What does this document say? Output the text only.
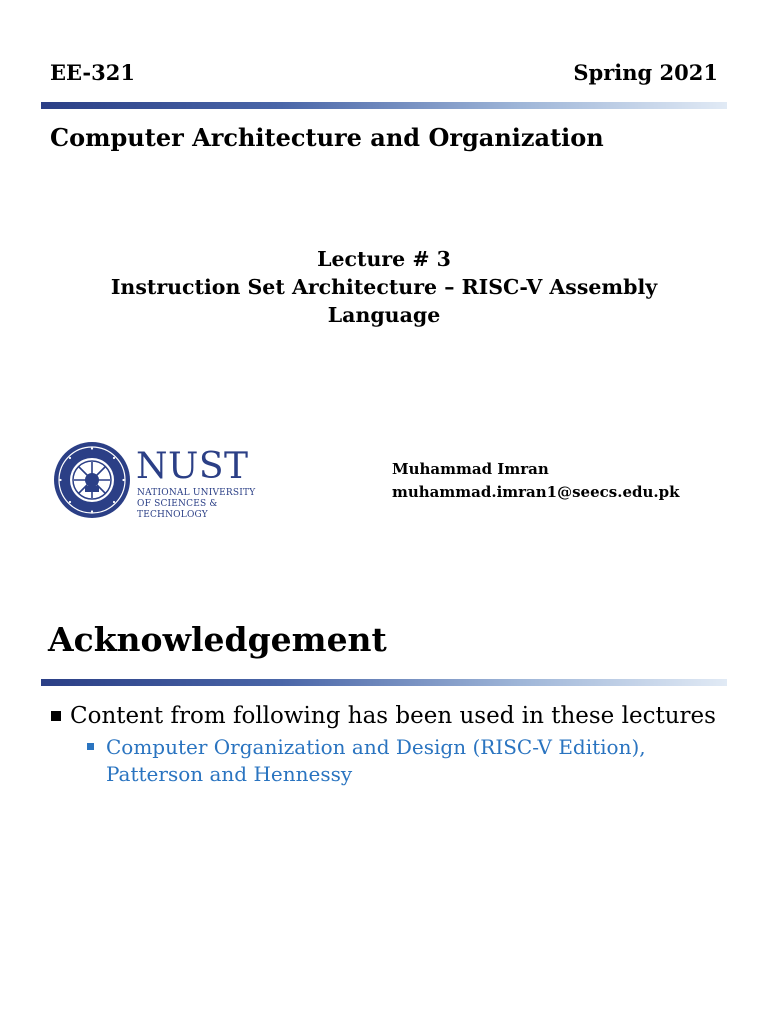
EE-321	Spring 2021
Computer Architecture and Organization
Lecture # 3
Instruction Set Architecture – RISC-V Assembly
Language
NUST
NATIONAL UNIVERSITY
OF SCIENCES & TECHNOLOGY
Muhammad Imran
muhammad.imran1@seecs.edu.pk
Acknowledgement
Content from following has been used in these lectures
Computer Organization and Design (RISC-V Edition), Patterson and Hennessy
